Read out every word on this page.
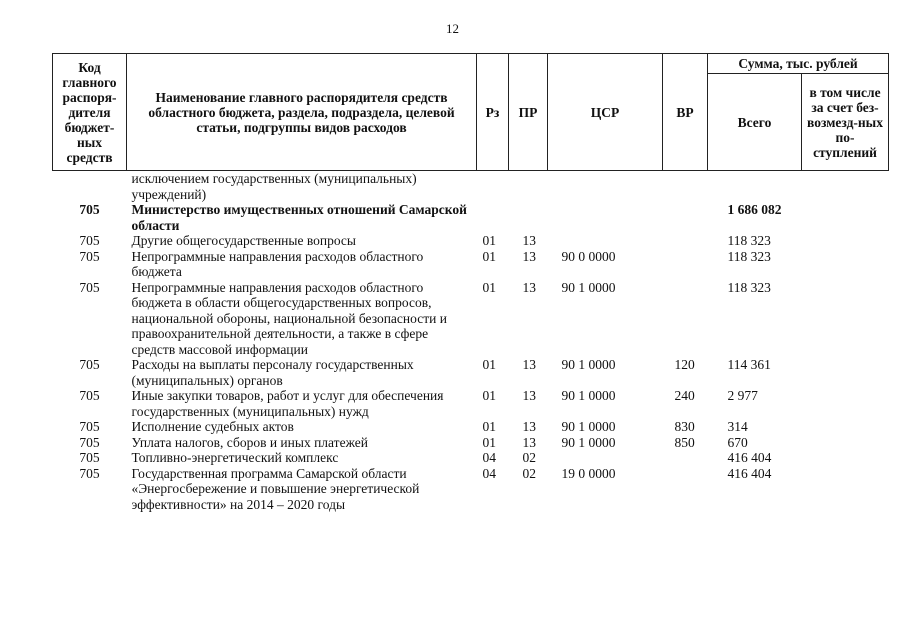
12
Код главного распоря-дителя бюджет-ных средств	Наименование главного распорядителя средств областного бюджета, раздела, подраздела, целевой статьи, подгруппы видов расходов	Рз	ПР	ЦСР	ВР	Сумма, тыс. рублей	
						Всего	в том числе за счет без-возмезд-ных по-ступлений
	исключением государственных (муниципальных) учреждений)						
705	Министерство имущественных отношений Самарской области					1 686 082	
705	Другие общегосударственные вопросы	01	13			118 323	
705	Непрограммные направления расходов областного бюджета	01	13	90 0 0000		118 323	
705	Непрограммные направления расходов областного бюджета в области общегосударственных вопросов, национальной обороны, национальной безопасности и правоохранительной деятельности, а также в сфере средств массовой информации	01	13	90 1 0000		118 323	
705	Расходы на выплаты персоналу государственных (муниципальных) органов	01	13	90 1 0000	120	114 361	
705	Иные закупки товаров, работ и услуг для обеспечения государственных (муниципальных) нужд	01	13	90 1 0000	240	2 977	
705	Исполнение судебных актов	01	13	90 1 0000	830	314	
705	Уплата налогов, сборов и иных платежей	01	13	90 1 0000	850	670	
705	Топливно-энергетический комплекс	04	02			416 404	
705	Государственная программа Самарской области «Энергосбережение и повышение энергетической эффективности» на 2014 – 2020 годы	04	02	19 0 0000		416 404	
